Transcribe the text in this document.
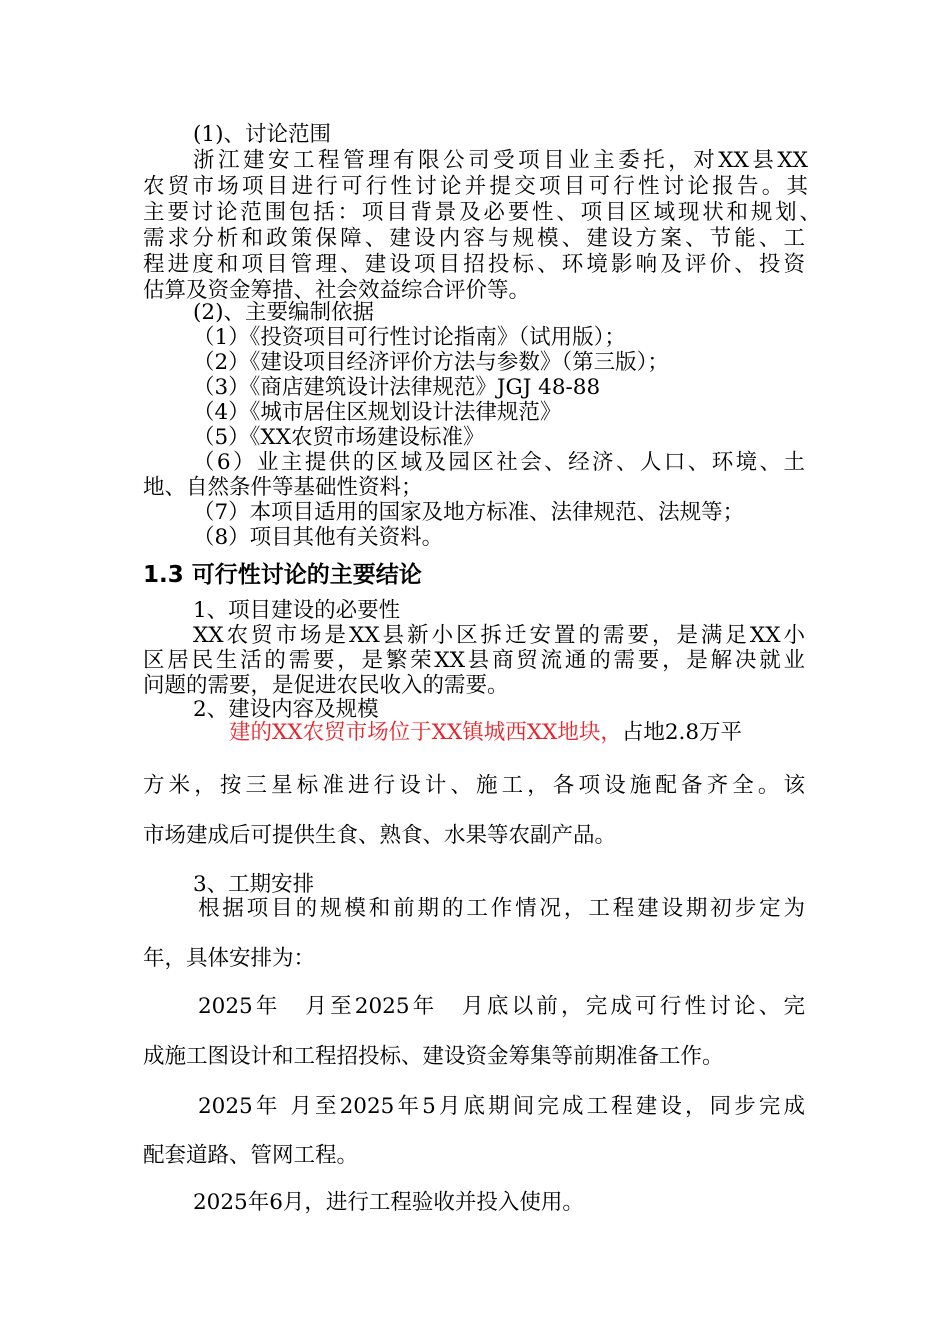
(1)、讨论范围
浙江建安工程管理有限公司受项目业主委托，对XX县XX
农贸市场项目进行可行性讨论并提交项目可行性讨论报告。其
主要讨论范围包括：项目背景及必要性、项目区域现状和规划、
需求分析和政策保障、建设内容与规模、建设方案、节能、工
程进度和项目管理、建设项目招投标、环境影响及评价、投资
估算及资金筹措、社会效益综合评价等。
(2)、主要编制依据
（1）《投资项目可行性讨论指南》（试用版）；
（2）《建设项目经济评价方法与参数》（第三版）；
（3）《商店建筑设计法律规范》JGJ 48-88
（4）《城市居住区规划设计法律规范》
（5）《XX农贸市场建设标准》
（6）业主提供的区域及园区社会、经济、人口、环境、土
地、自然条件等基础性资料；
（7）本项目适用的国家及地方标准、法律规范、法规等；
（8）项目其他有关资料。
1.3 可行性讨论的主要结论
1、项目建设的必要性
XX农贸市场是XX县新小区拆迁安置的需要，是满足XX小
区居民生活的需要，是繁荣XX县商贸流通的需要，是解决就业
问题的需要，是促进农民收入的需要。
2、建设内容及规模
建的XX农贸市场位于XX镇城西XX地块，占地2.8万平
方米，按三星标准进行设计、施工，各项设施配备齐全。该
市场建成后可提供生食、熟食、水果等农副产品。
3、工期安排
根据项目的规模和前期的工作情况，工程建设期初步定为
年，具体安排为：
2025年　月至2025年　月底以前，完成可行性讨论、完
成施工图设计和工程招投标、建设资金筹集等前期准备工作。
2025年 月至2025年5月底期间完成工程建设，同步完成
配套道路、管网工程。
2025年6月，进行工程验收并投入使用。
